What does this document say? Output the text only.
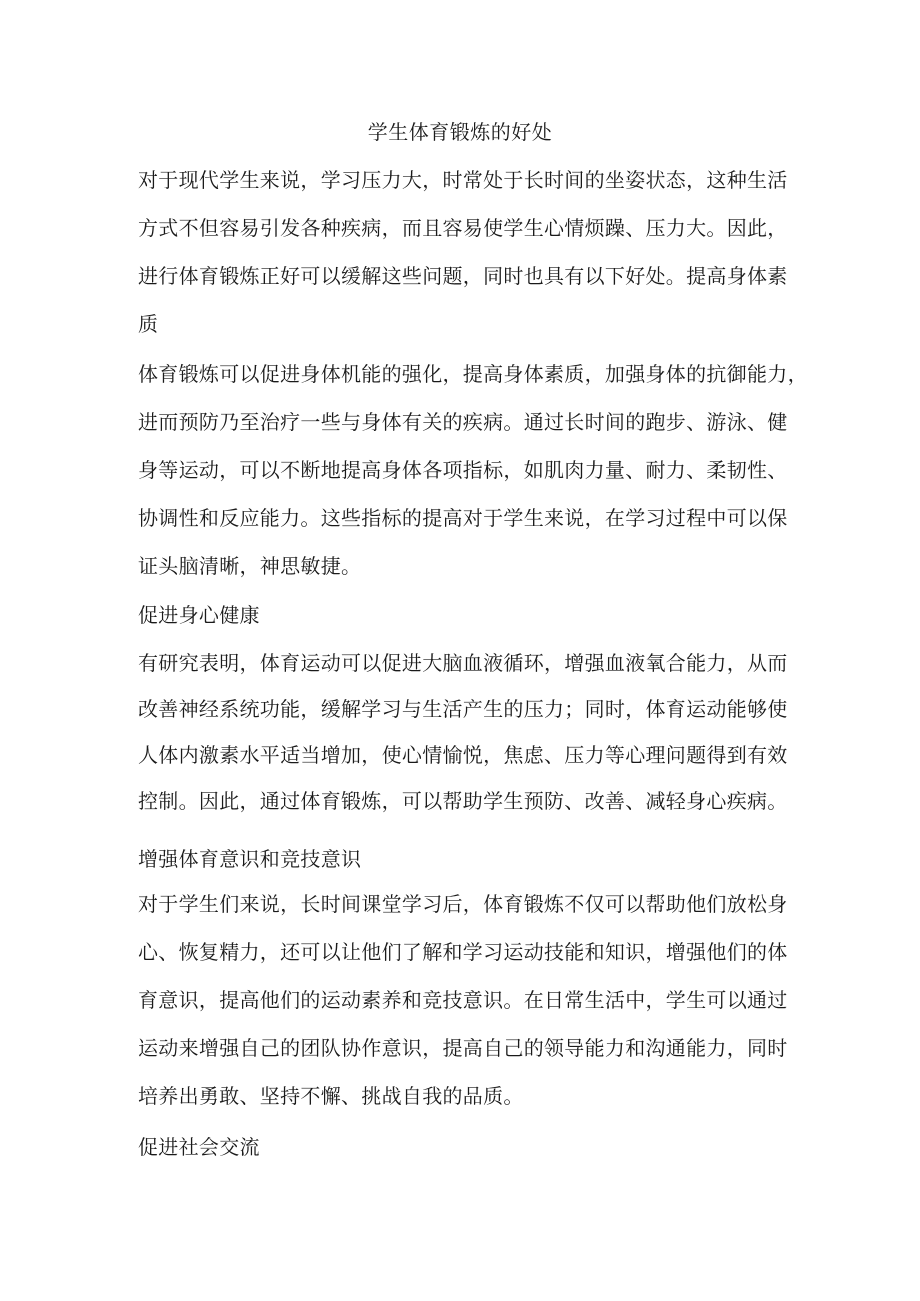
学生体育锻炼的好处
对于现代学生来说，学习压力大，时常处于长时间的坐姿状态，这种生活
方式不但容易引发各种疾病，而且容易使学生心情烦躁、压力大。因此，
进行体育锻炼正好可以缓解这些问题，同时也具有以下好处。提高身体素
质
体育锻炼可以促进身体机能的强化，提高身体素质，加强身体的抗御能力，
进而预防乃至治疗一些与身体有关的疾病。通过长时间的跑步、游泳、健
身等运动，可以不断地提高身体各项指标，如肌肉力量、耐力、柔韧性、
协调性和反应能力。这些指标的提高对于学生来说，在学习过程中可以保
证头脑清晰，神思敏捷。
促进身心健康
有研究表明，体育运动可以促进大脑血液循环，增强血液氧合能力，从而
改善神经系统功能，缓解学习与生活产生的压力；同时，体育运动能够使
人体内激素水平适当增加，使心情愉悦，焦虑、压力等心理问题得到有效
控制。因此，通过体育锻炼，可以帮助学生预防、改善、减轻身心疾病。
增强体育意识和竞技意识
对于学生们来说，长时间课堂学习后，体育锻炼不仅可以帮助他们放松身
心、恢复精力，还可以让他们了解和学习运动技能和知识，增强他们的体
育意识，提高他们的运动素养和竞技意识。在日常生活中，学生可以通过
运动来增强自己的团队协作意识，提高自己的领导能力和沟通能力，同时
培养出勇敢、坚持不懈、挑战自我的品质。
促进社会交流
